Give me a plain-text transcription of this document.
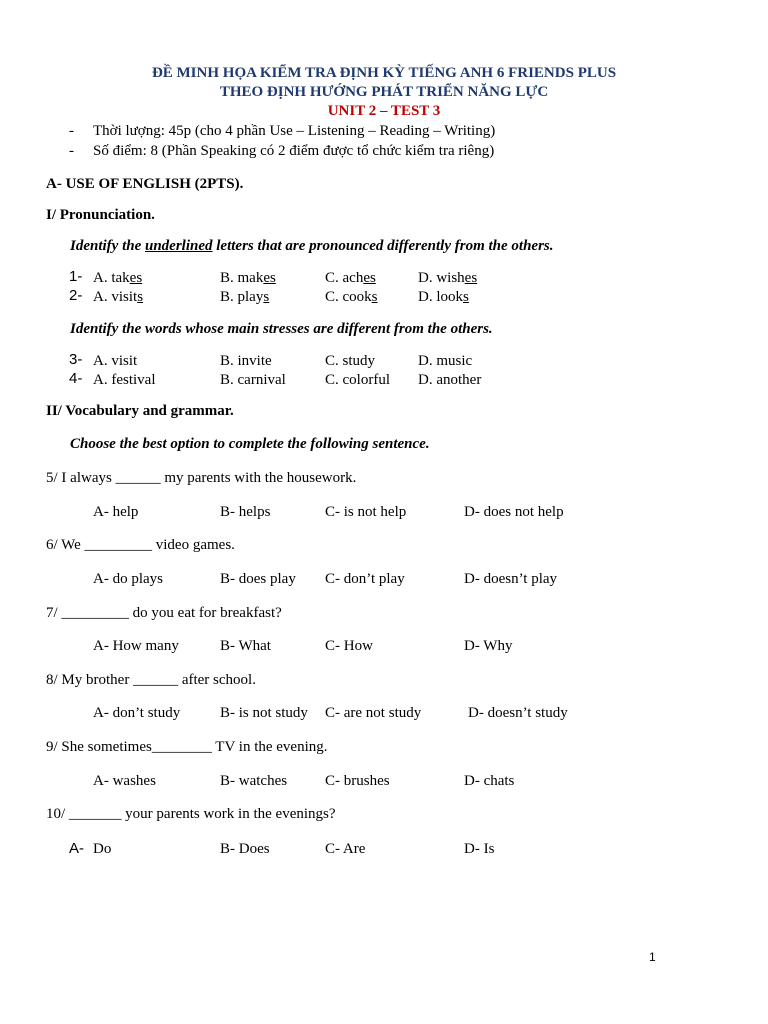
ĐỀ MINH HỌA KIỂM TRA ĐỊNH KỲ TIẾNG ANH 6 FRIENDS PLUS
THEO ĐỊNH HƯỚNG PHÁT TRIỂN NĂNG LỰC
UNIT 2 – TEST 3
- Thời lượng: 45p (cho 4 phần Use – Listening – Reading – Writing)
- Số điểm: 8 (Phần Speaking có 2 điểm được tổ chức kiểm tra riêng)
A- USE OF ENGLISH (2PTS).
I/ Pronunciation.
Identify the underlined letters that are pronounced differently from the others.
1- A. takes	B. makes	C. aches	D. wishes
2- A. visits	B. plays	C. cooks	D. looks
Identify the words whose main stresses are different from the others.
3- A. visit	B. invite	C. study	D. music
4- A. festival	B. carnival	C. colorful D. another
II/ Vocabulary and grammar.
Choose the best option to complete the following sentence.
5/ I always ______ my parents with the housework.
A- help	B- helps	C- is not help	D- does not help
6/ We _________ video games.
A- do plays	B- does play C- don’t play	D- doesn’t play
7/ _________ do you eat for breakfast?
A- How many	B- What	C- How	D- Why
8/ My brother ______ after school.
A- don’t study	B- is not study C- are not study	D- doesn’t study
9/ She sometimes________ TV in the evening.
A- washes	B- watches	C- brushes	D- chats
10/ _______ your parents work in the evenings?
A- Do	B- Does	C- Are	D- Is
1
